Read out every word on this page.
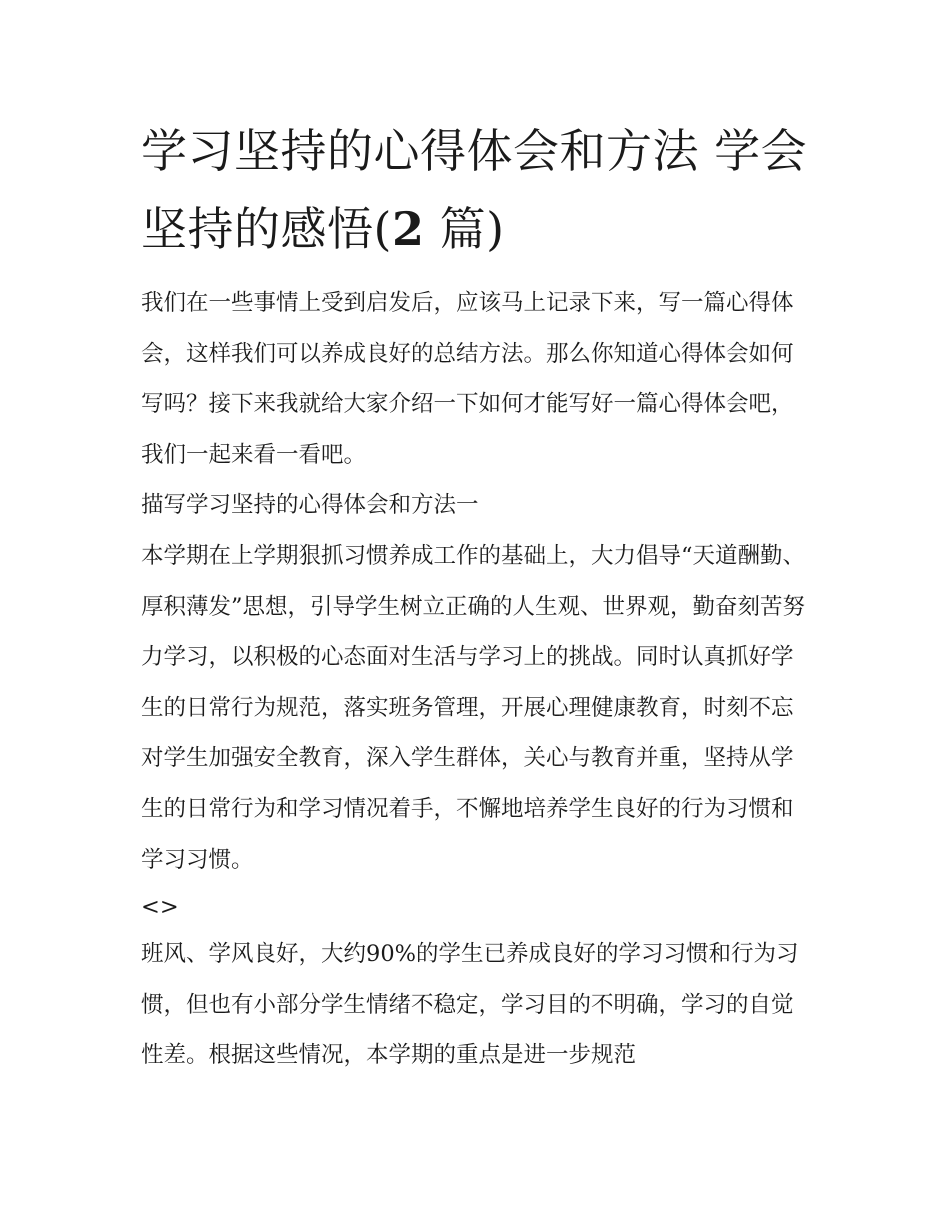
学习坚持的心得体会和方法 学会坚持的感悟(2 篇)

我们在一些事情上受到启发后，应该马上记录下来，写一篇心得体会，这样我们可以养成良好的总结方法。那么你知道心得体会如何写吗？接下来我就给大家介绍一下如何才能写好一篇心得体会吧，我们一起来看一看吧。

描写学习坚持的心得体会和方法一

本学期在上学期狠抓习惯养成工作的基础上，大力倡导“天道酬勤、厚积薄发”思想，引导学生树立正确的人生观、世界观，勤奋刻苦努力学习，以积极的心态面对生活与学习上的挑战。同时认真抓好学生的日常行为规范，落实班务管理，开展心理健康教育，时刻不忘对学生加强安全教育，深入学生群体，关心与教育并重，坚持从学生的日常行为和学习情况着手，不懈地培养学生良好的行为习惯和学习习惯。

<>

班风、学风良好，大约90%的学生已养成良好的学习习惯和行为习惯，但也有小部分学生情绪不稳定，学习目的不明确，学习的自觉性差。根据这些情况，本学期的重点是进一步规范
